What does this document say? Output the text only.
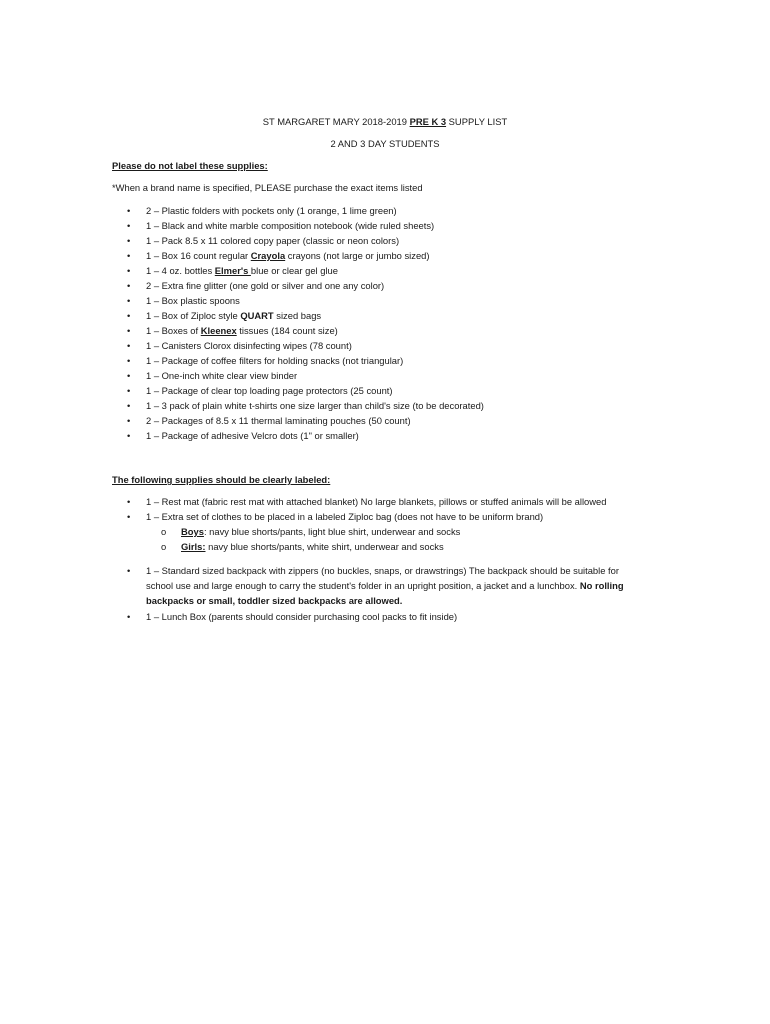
ST MARGARET MARY 2018-2019 PRE K 3 SUPPLY LIST
2 AND 3 DAY STUDENTS
Please do not label these supplies:
*When a brand name is specified, PLEASE purchase the exact items listed
• 2 – Plastic folders with pockets only (1 orange, 1 lime green)
• 1 – Black and white marble composition notebook (wide ruled sheets)
• 1 – Pack 8.5 x 11 colored copy paper (classic or neon colors)
• 1 – Box 16 count regular Crayola crayons (not large or jumbo sized)
• 1 – 4 oz. bottles Elmer's blue or clear gel glue
• 2 – Extra fine glitter (one gold or silver and one any color)
• 1 – Box plastic spoons
• 1 – Box of Ziploc style QUART sized bags
• 1 – Boxes of Kleenex tissues (184 count size)
• 1 – Canisters Clorox disinfecting wipes (78 count)
• 1 – Package of coffee filters for holding snacks (not triangular)
• 1 – One-inch white clear view binder
• 1 – Package of clear top loading page protectors (25 count)
• 1 – 3 pack of plain white t-shirts one size larger than child's size (to be decorated)
• 2 – Packages of 8.5 x 11 thermal laminating pouches (50 count)
• 1 – Package of adhesive Velcro dots (1" or smaller)
The following supplies should be clearly labeled:
• 1 – Rest mat (fabric rest mat with attached blanket) No large blankets, pillows or stuffed animals will be allowed
• 1 – Extra set of clothes to be placed in a labeled Ziploc bag (does not have to be uniform brand)
o Boys: navy blue shorts/pants, light blue shirt, underwear and socks
o Girls: navy blue shorts/pants, white shirt, underwear and socks
• 1 – Standard sized backpack with zippers (no buckles, snaps, or drawstrings) The backpack should be suitable for school use and large enough to carry the student's folder in an upright position, a jacket and a lunchbox. No rolling backpacks or small, toddler sized backpacks are allowed.
• 1 – Lunch Box (parents should consider purchasing cool packs to fit inside)
